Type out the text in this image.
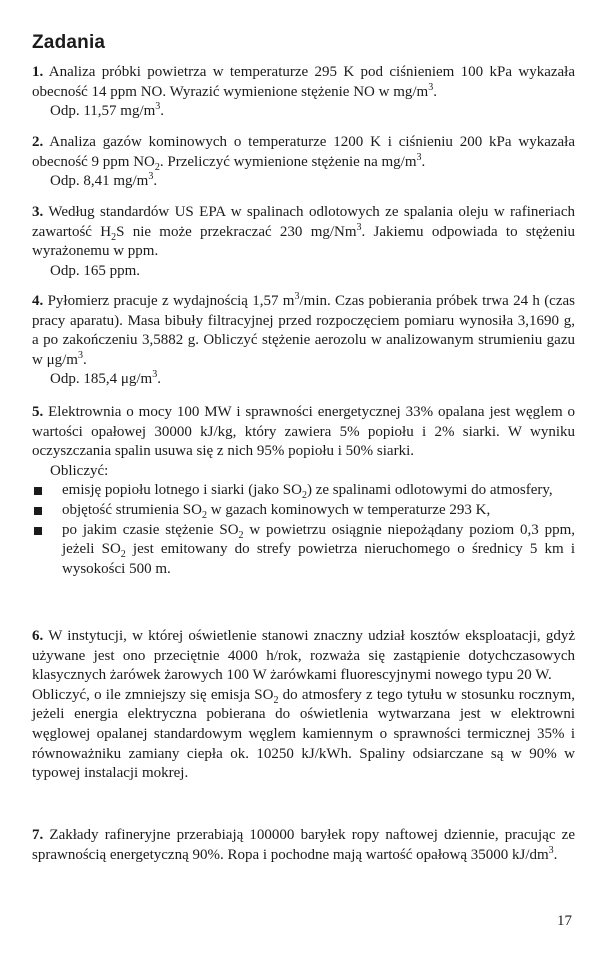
Zadania

1. Analiza próbki powietrza w temperaturze 295 K pod ciśnieniem 100 kPa wykazała obecność 14 ppm NO. Wyrazić wymienione stężenie NO w $mg/m^3$.

Odp. 11,57 $mg/m^3$.

2. Analiza gazów kominowych o temperaturze 1200 K i ciśnieniu 200 kPa wykazała obecność 9 ppm $NO_2$. Przeliczyć wymienione stężenie na $mg/m^3$.

Odp. 8,41 $mg/m^3$.

3. Według standardów US EPA w spalinach odlotowych ze spalania oleju w rafineriach zawartość $H_2S$ nie może przekraczać 230 mg/Nm$^3$. Jakiemu odpowiada to stężeniu wyrażonemu w ppm.

Odp. 165 ppm.

4. Pyłomierz pracuje z wydajnością 1,57 $m^3/\min$. Czas pobierania próbek trwa 24 h (czas pracy aparatu). Masa bibuły filtracyjnej przed rozpoczęciem pomiaru wynosiła 3,1690 g, a po zakończeniu 3,5882 g. Obliczyć stężenie aerozolu w analizowanym strumieniu gazu w $\mu g/m^3$.

Odp. 185,4 $\mu g/m^3$.

5. Elektrownia o mocy 100 MW i sprawności energetycznej 33% opalana jest węglem o wartości opałowej 30000 kJ/kg, który zawiera 5% popiołu i 2% siarki. W wyniku oczyszczania spalin usuwa się z nich 95% popiołu i 50% siarki.

Obliczyć:

emisję popiołu lotnego i siarki (jako $SO_2$) ze spalinami odlotowymi do atmosfery,
objętość strumienia $SO_2$ w gazach kominowych w temperaturze 293 K,
po jakim czasie stężenie $SO_2$ w powietrzu osiągnie niepożądany poziom 0,3 ppm, jeżeli $SO_2$ jest emitowany do strefy powietrza nieruchomego o średnicy 5 km i wysokości 500 m.

6. W instytucji, w której oświetlenie stanowi znaczny udział kosztów eksploatacji, gdyż używane jest ono przeciętnie 4000 h/rok, rozważa się zastąpienie dotychczasowych klasycznych żarówek żarowych 100 W żarówkami fluorescyjnymi nowego typu 20 W.

Obliczyć, o ile zmniejszy się emisja $SO_2$ do atmosfery z tego tytułu w stosunku rocznym, jeżeli energia elektryczna pobierana do oświetlenia wytwarzana jest w elektrowni węglowej opalanej standardowym węglem kamiennym o sprawności termicznej 35% i równoważniku zamiany ciepła ok. 10250 kJ/kWh. Spaliny odsiarczane są w 90% w typowej instalacji mokrej.

7. Zakłady rafineryjne przerabiają 100000 baryłek ropy naftowej dziennie, pracując ze sprawnością energetyczną 90%. Ropa i pochodne mają wartość opałową 35000 $kJ/dm^3$.

17
